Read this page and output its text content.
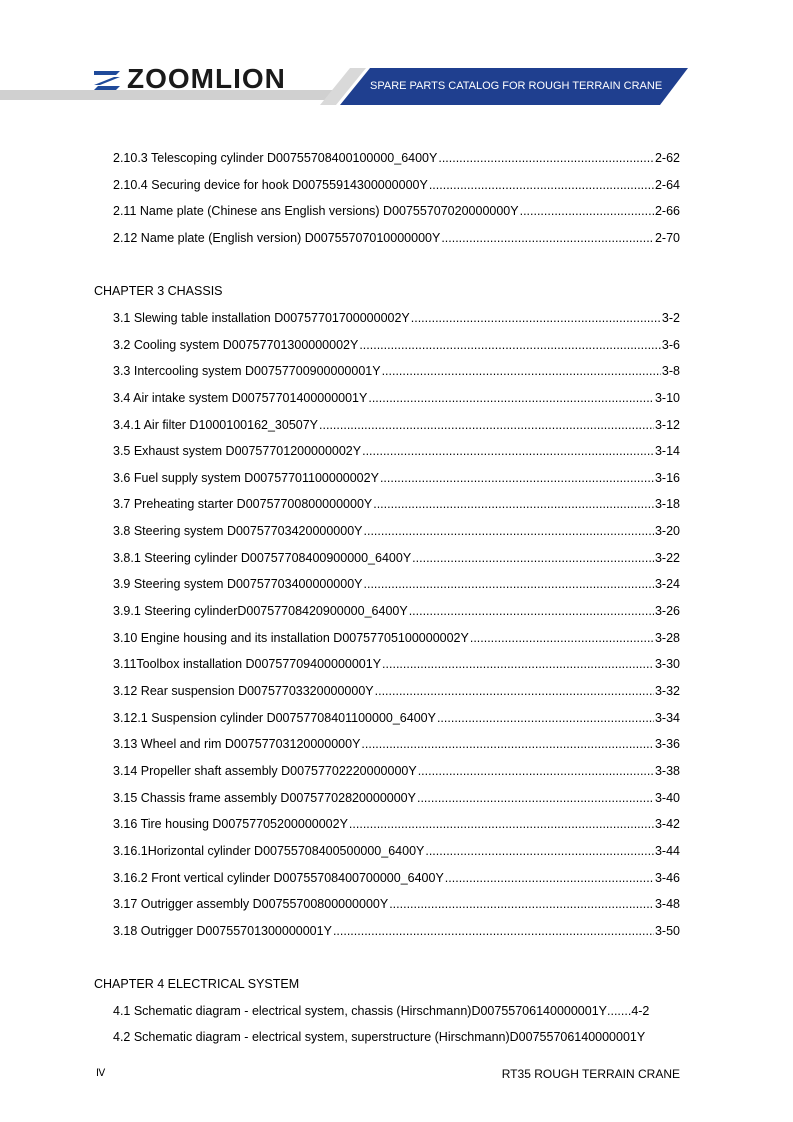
ZOOMLION	SPARE PARTS CATALOG FOR ROUGH TERRAIN CRANE
2.10.3 Telescoping cylinder D00755708400100000_6400Y .....	2-62
2.10.4 Securing device for hook D00755914300000000Y .....	2-64
2.11 Name plate (Chinese ans English versions) D00755707020000000Y .....	2-66
2.12 Name plate (English version) D00755707010000000Y .....	2-70
CHAPTER 3 CHASSIS
3.1 Slewing table installation D00757701700000002Y .....	3-2
3.2 Cooling system D00757701300000002Y .....	3-6
3.3 Intercooling system D00757700900000001Y .....	3-8
3.4 Air intake system D00757701400000001Y .....	3-10
3.4.1 Air filter D1000100162_30507Y .....	3-12
3.5 Exhaust system D00757701200000002Y .....	3-14
3.6 Fuel supply system D00757701100000002Y .....	3-16
3.7 Preheating starter D00757700800000000Y .....	3-18
3.8 Steering system D00757703420000000Y .....	3-20
3.8.1 Steering cylinder D00757708400900000_6400Y .....	3-22
3.9 Steering system D00757703400000000Y .....	3-24
3.9.1 Steering cylinderD00757708420900000_6400Y .....	3-26
3.10 Engine housing and its installation D00757705100000002Y .....	3-28
3.11Toolbox installation D00757709400000001Y .....	3-30
3.12 Rear suspension D00757703320000000Y .....	3-32
3.12.1 Suspension cylinder D00757708401100000_6400Y .....	3-34
3.13 Wheel and rim D00757703120000000Y .....	3-36
3.14 Propeller shaft assembly D00757702220000000Y .....	3-38
3.15 Chassis frame assembly D00757702820000000Y .....	3-40
3.16 Tire housing D00757705200000002Y .....	3-42
3.16.1Horizontal cylinder D00755708400500000_6400Y .....	3-44
3.16.2 Front vertical cylinder D00755708400700000_6400Y .....	3-46
3.17 Outrigger assembly D00755700800000000Y .....	3-48
3.18 Outrigger D00755701300000001Y .....	3-50
CHAPTER 4 ELECTRICAL SYSTEM
4.1 Schematic diagram - electrical system, chassis (Hirschmann)D00755706140000001Y ....... 4-2
4.2 Schematic diagram - electrical system, superstructure (Hirschmann)D00755706140000001Y
Ⅳ	RT35 ROUGH TERRAIN CRANE
